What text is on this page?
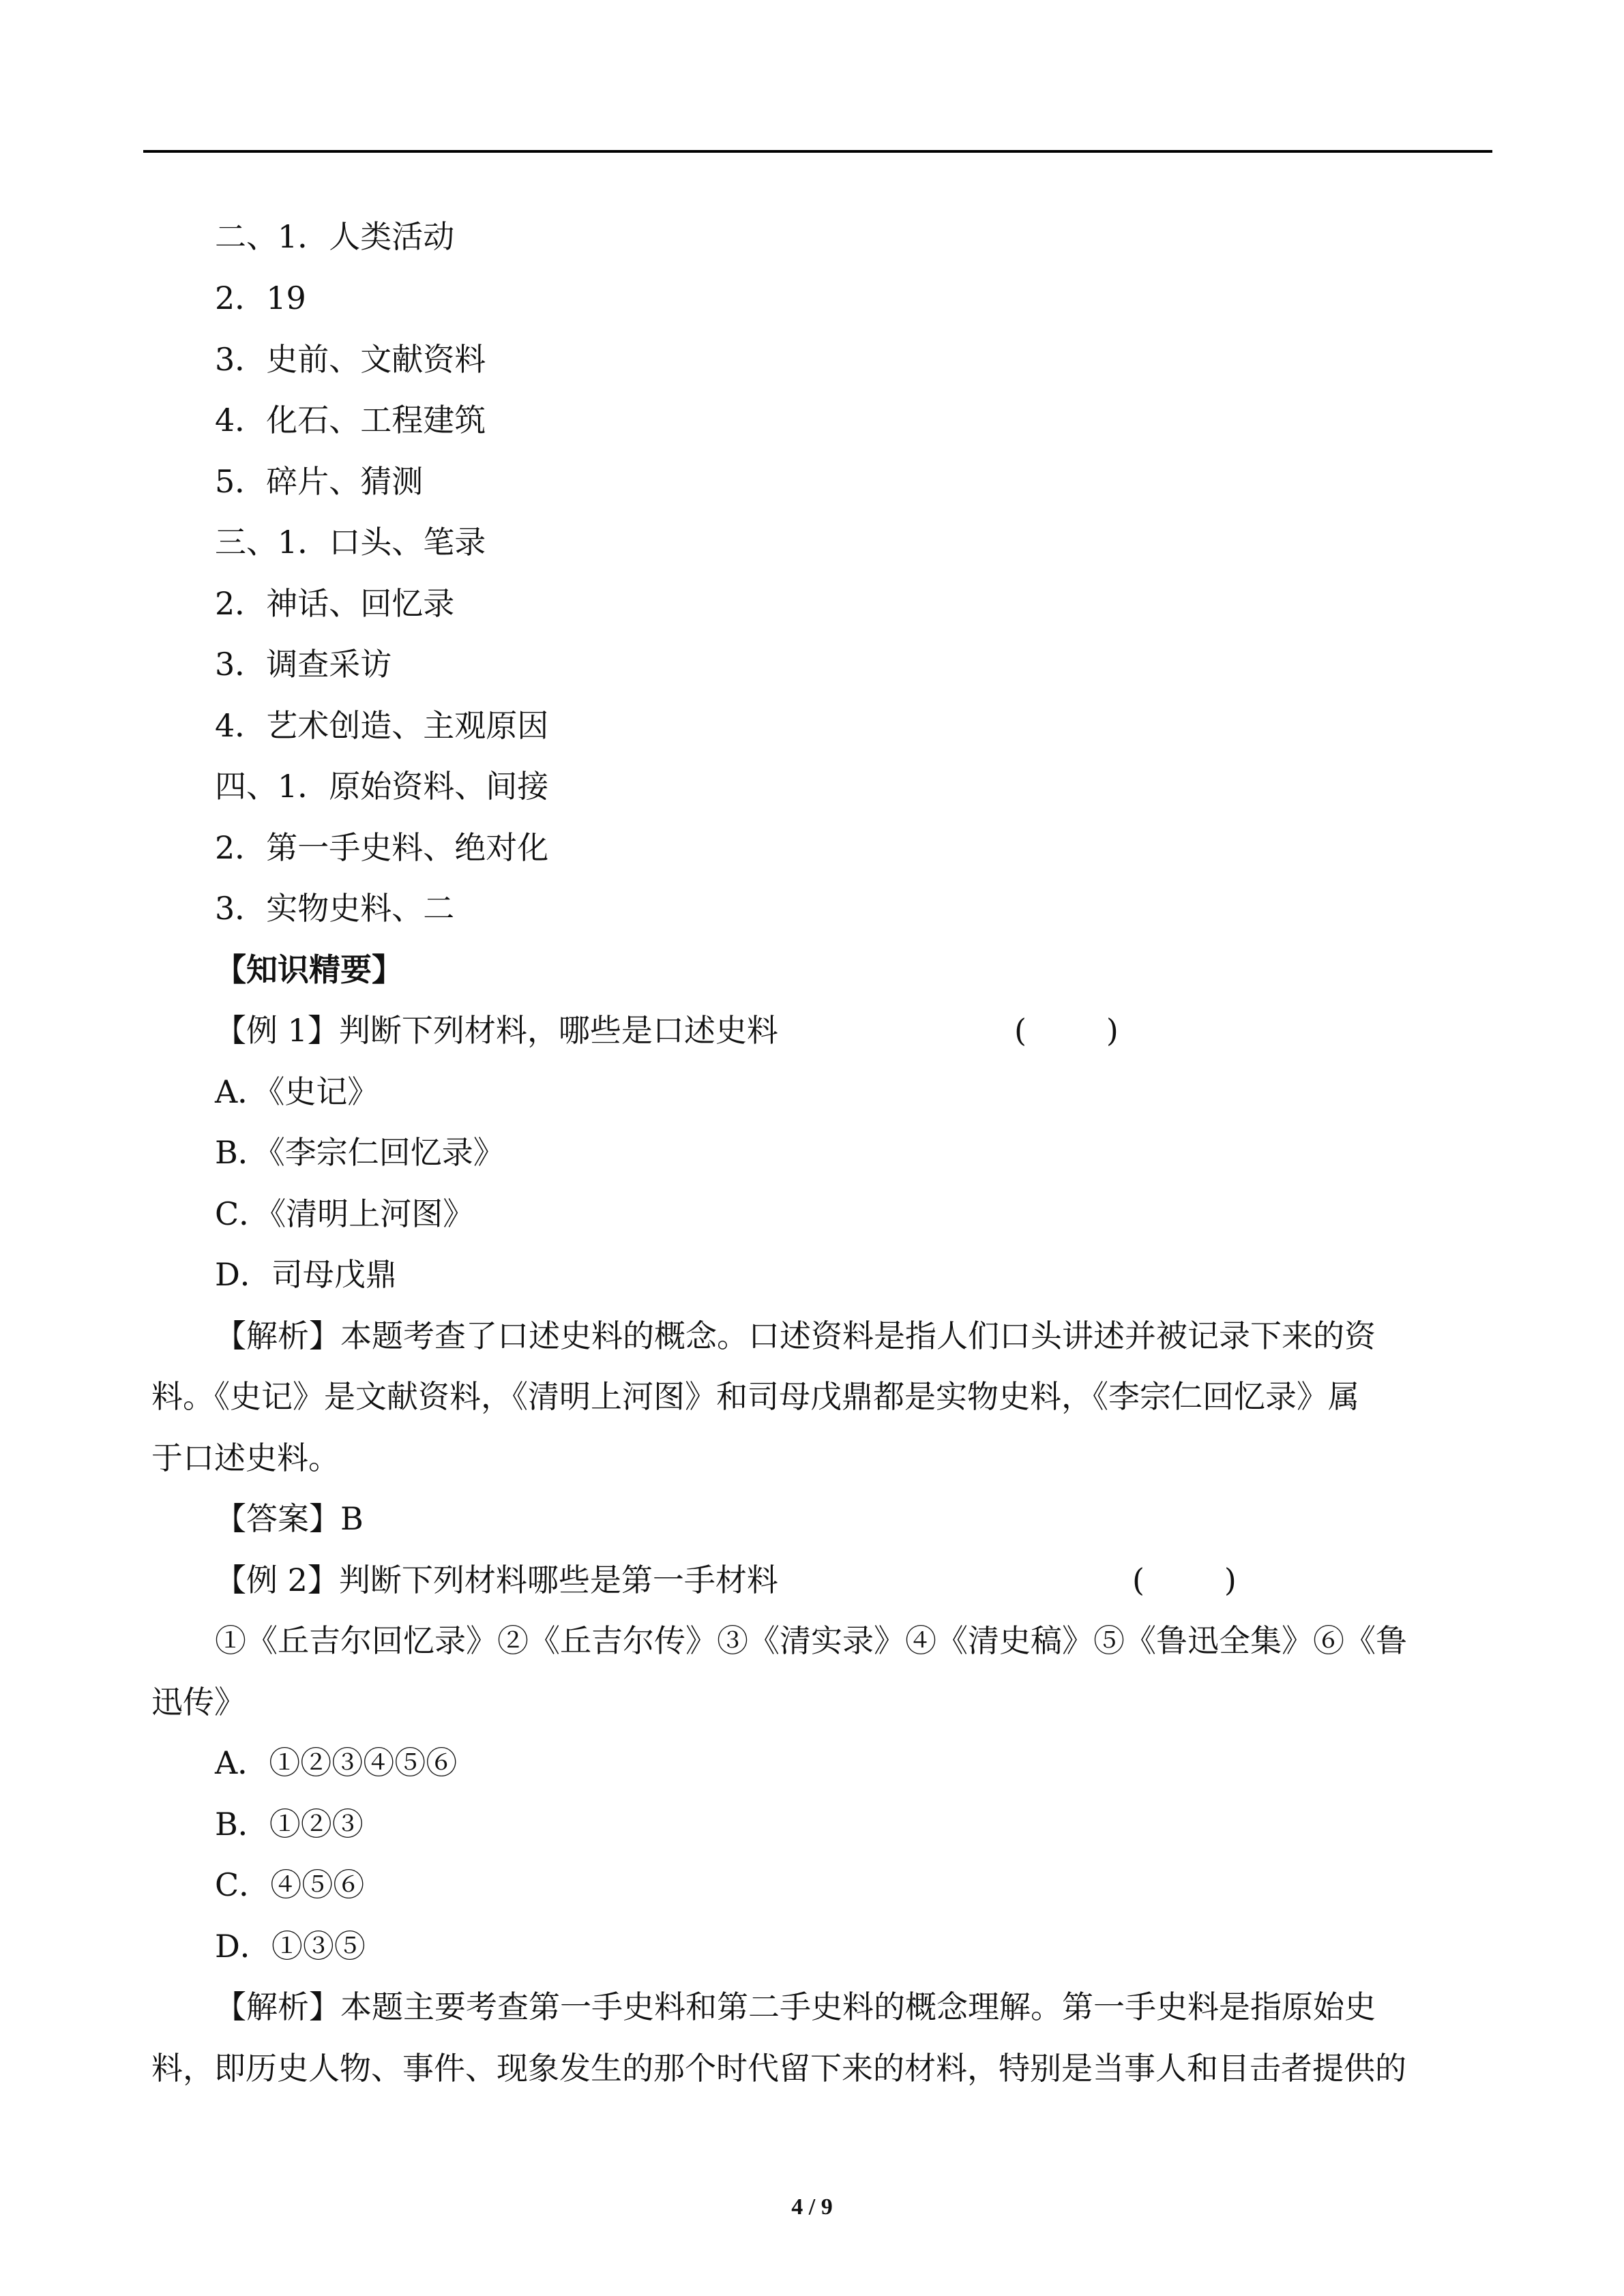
二、1．人类活动
2．19
3．史前、文献资料
4．化石、工程建筑
5．碎片、猜测
三、1．口头、笔录
2．神话、回忆录
3．调查采访
4．艺术创造、主观原因
四、1．原始资料、间接
2．第一手史料、绝对化
3．实物史料、二
【知识精要】
【例 1】判断下列材料，哪些是口述史料	(        )
A．《史记》
B．《李宗仁回忆录》
C．《清明上河图》
D．司母戊鼎
【解析】本题考查了口述史料的概念。口述资料是指人们口头讲述并被记录下来的资
料。《史记》是文献资料，《清明上河图》和司母戊鼎都是实物史料，《李宗仁回忆录》属
于口述史料。
【答案】B
【例 2】判断下列材料哪些是第一手材料	(        )
①《丘吉尔回忆录》②《丘吉尔传》③《清实录》④《清史稿》⑤《鲁迅全集》⑥《鲁
迅传》
A．①②③④⑤⑥
B．①②③
C．④⑤⑥
D．①③⑤
【解析】本题主要考查第一手史料和第二手史料的概念理解。第一手史料是指原始史
料，即历史人物、事件、现象发生的那个时代留下来的材料，特别是当事人和目击者提供的
4 / 9
